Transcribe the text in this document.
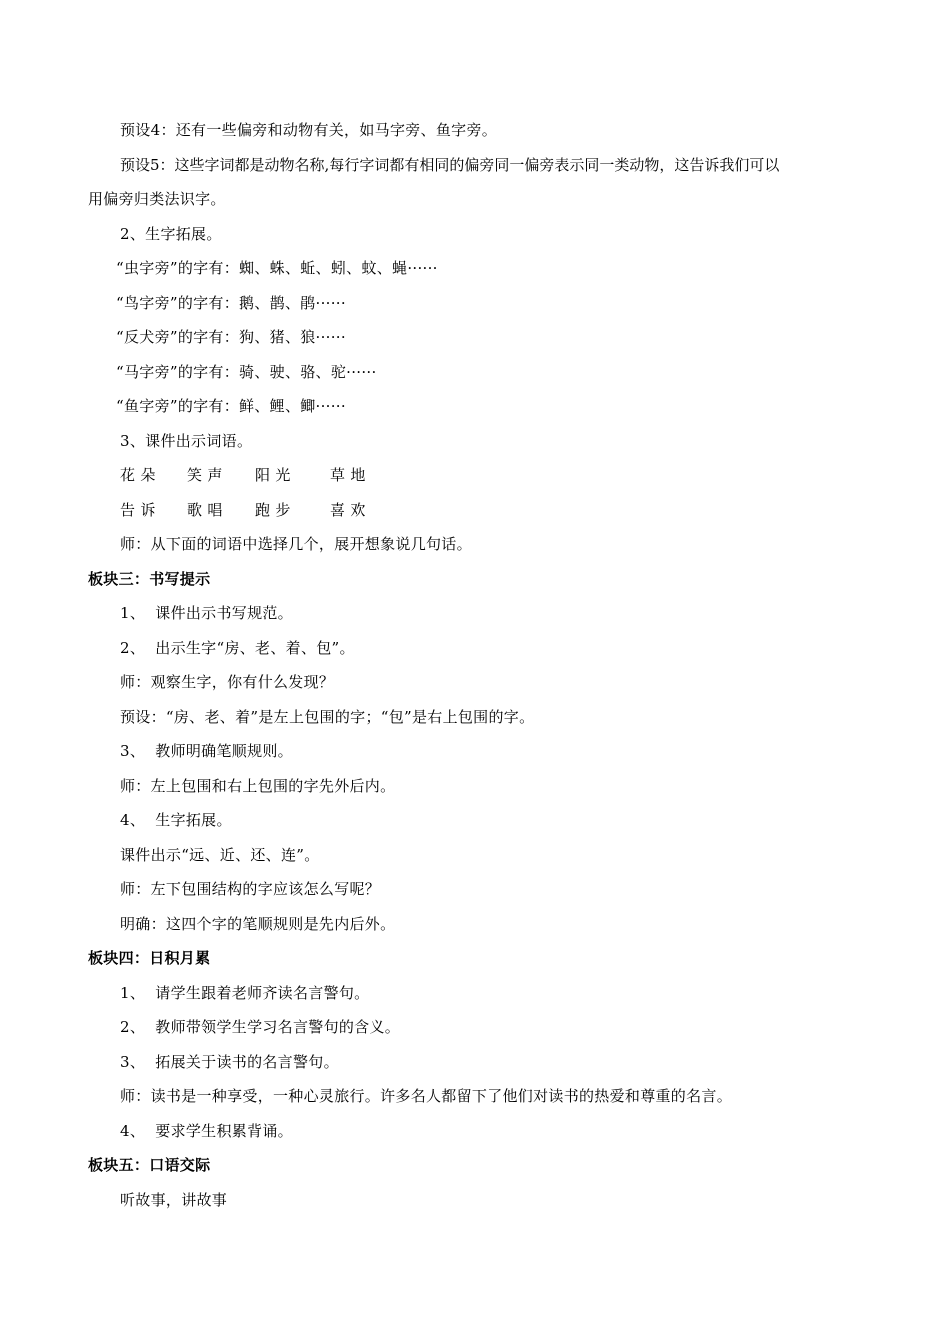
预设4：还有一些偏旁和动物有关，如马字旁、鱼字旁。
预设5：这些字词都是动物名称,每行字词都有相同的偏旁同一偏旁表示同一类动物，这告诉我们可以
用偏旁归类法识字。
2、生字拓展。
“虫字旁”的字有：蜘、蛛、蚯、蚓、蚊、蝇······
“鸟字旁”的字有：鹅、鹊、鹃······
“反犬旁”的字有：狗、猪、狼······
“马字旁”的字有：骑、驶、骆、驼······
“鱼字旁”的字有：鲜、鲤、鲫······
3、课件出示词语。
花 朵	笑 声	阳 光	草 地
告 诉	歌 唱	跑 步	喜 欢
师：从下面的词语中选择几个，展开想象说几句话。
板块三：书写提示
1、  课件出示书写规范。
2、  出示生字“房、老、着、包”。
师：观察生字，你有什么发现？
预设：“房、老、着”是左上包围的字；“包”是右上包围的字。
3、  教师明确笔顺规则。
师：左上包围和右上包围的字先外后内。
4、  生字拓展。
课件出示“远、近、还、连”。
师：左下包围结构的字应该怎么写呢？
明确：这四个字的笔顺规则是先内后外。
板块四：日积月累
1、  请学生跟着老师齐读名言警句。
2、  教师带领学生学习名言警句的含义。
3、  拓展关于读书的名言警句。
师：读书是一种享受，一种心灵旅行。许多名人都留下了他们对读书的热爱和尊重的名言。
4、  要求学生积累背诵。
板块五：口语交际
听故事，讲故事
